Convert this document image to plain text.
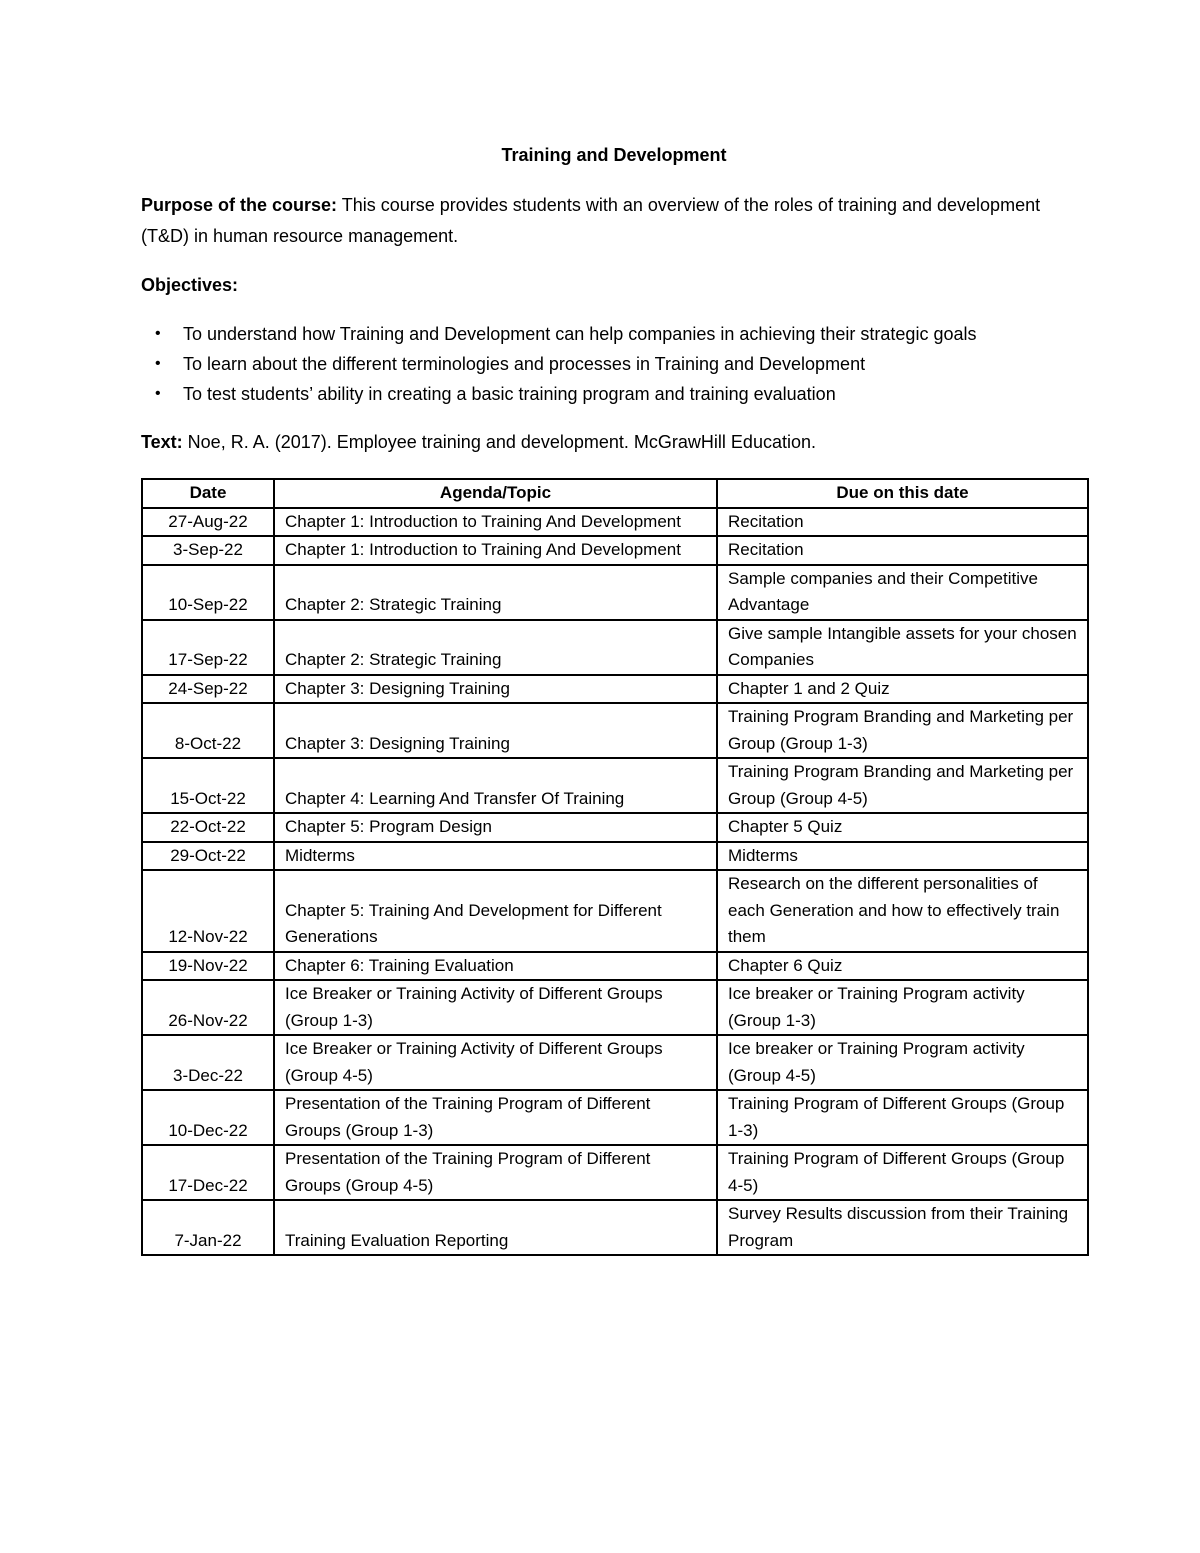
Training and Development

Purpose of the course: This course provides students with an overview of the roles of training and development (T&D) in human resource management.

Objectives:

• To understand how Training and Development can help companies in achieving their strategic goals
• To learn about the different terminologies and processes in Training and Development
• To test students’ ability in creating a basic training program and training evaluation

Text: Noe, R. A. (2017). Employee training and development. McGrawHill Education.

Date	Agenda/Topic	Due on this date
27-Aug-22	Chapter 1: Introduction to Training And Development	Recitation
3-Sep-22	Chapter 1: Introduction to Training And Development	Recitation
10-Sep-22	Chapter 2: Strategic Training	Sample companies and their Competitive Advantage
17-Sep-22	Chapter 2: Strategic Training	Give sample Intangible assets for your chosen Companies
24-Sep-22	Chapter 3: Designing Training	Chapter 1 and 2 Quiz
8-Oct-22	Chapter 3: Designing Training	Training Program Branding and Marketing per Group (Group 1-3)
15-Oct-22	Chapter 4: Learning And Transfer Of Training	Training Program Branding and Marketing per Group (Group 4-5)
22-Oct-22	Chapter 5: Program Design	Chapter 5 Quiz
29-Oct-22	Midterms	Midterms
12-Nov-22	Chapter 5: Training And Development for Different Generations	Research on the different personalities of each Generation and how to effectively train them
19-Nov-22	Chapter 6: Training Evaluation	Chapter 6 Quiz
26-Nov-22	Ice Breaker or Training Activity of Different Groups (Group 1-3)	Ice breaker or Training Program activity (Group 1-3)
3-Dec-22	Ice Breaker or Training Activity of Different Groups (Group 4-5)	Ice breaker or Training Program activity (Group 4-5)
10-Dec-22	Presentation of the Training Program of Different Groups (Group 1-3)	Training Program of Different Groups (Group 1-3)
17-Dec-22	Presentation of the Training Program of Different Groups (Group 4-5)	Training Program of Different Groups (Group 4-5)
7-Jan-22	Training Evaluation Reporting	Survey Results discussion from their Training Program
